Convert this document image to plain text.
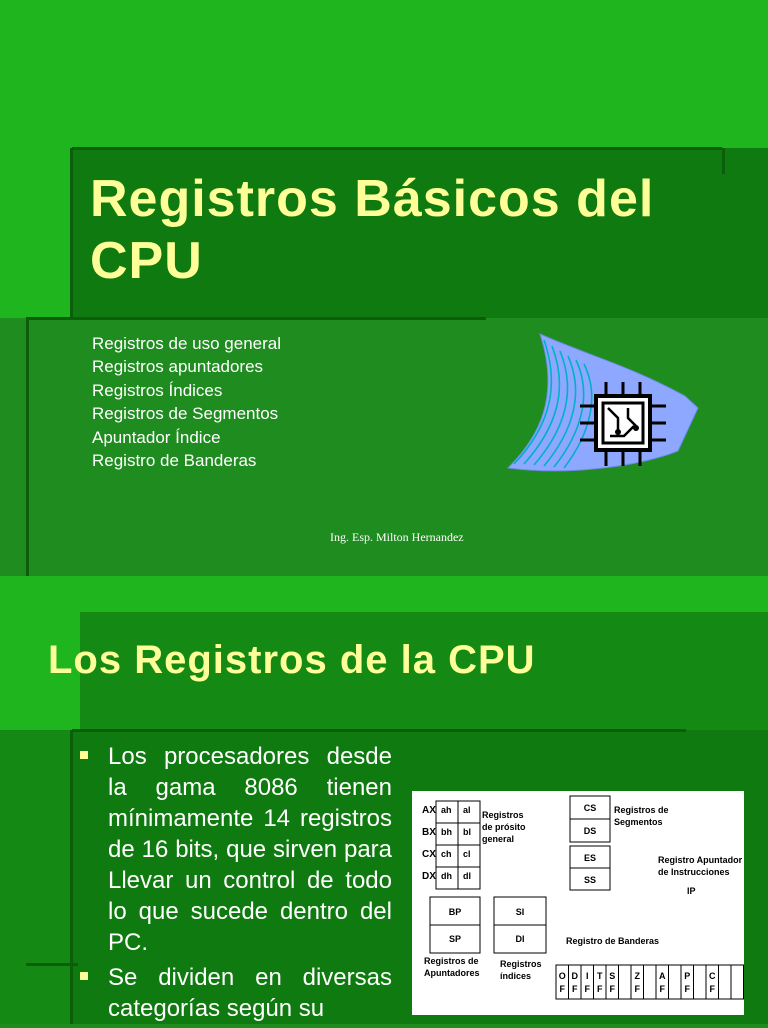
Registros Básicos del CPU
Registros de uso general
Registros apuntadores
Registros Índices
Registros de Segmentos
Apuntador Índice
Registro de Banderas
Ing. Esp. Milton Hernandez
Los Registros de la CPU
Los procesadores desde la gama 8086 tienen mínimamente 14 registros de 16 bits, que sirven para Llevar un control de todo lo que sucede dentro del PC.
Se dividen en diversas categorías según su
AX
BX
CX
DX
ah al
bh bl
ch cl
dh dl
Registros
de prósito
general
CS
DS
ES
SS
Registros de
Segmentos
Registro Apuntador
de Instrucciones
IP
BP
SP
Registros de
Apuntadores
SI
DI
Registros
índices
Registro de Banderas
O
F
D
F
I
F
T
F
S
F
Z
F
A
F
P
F
C
F
